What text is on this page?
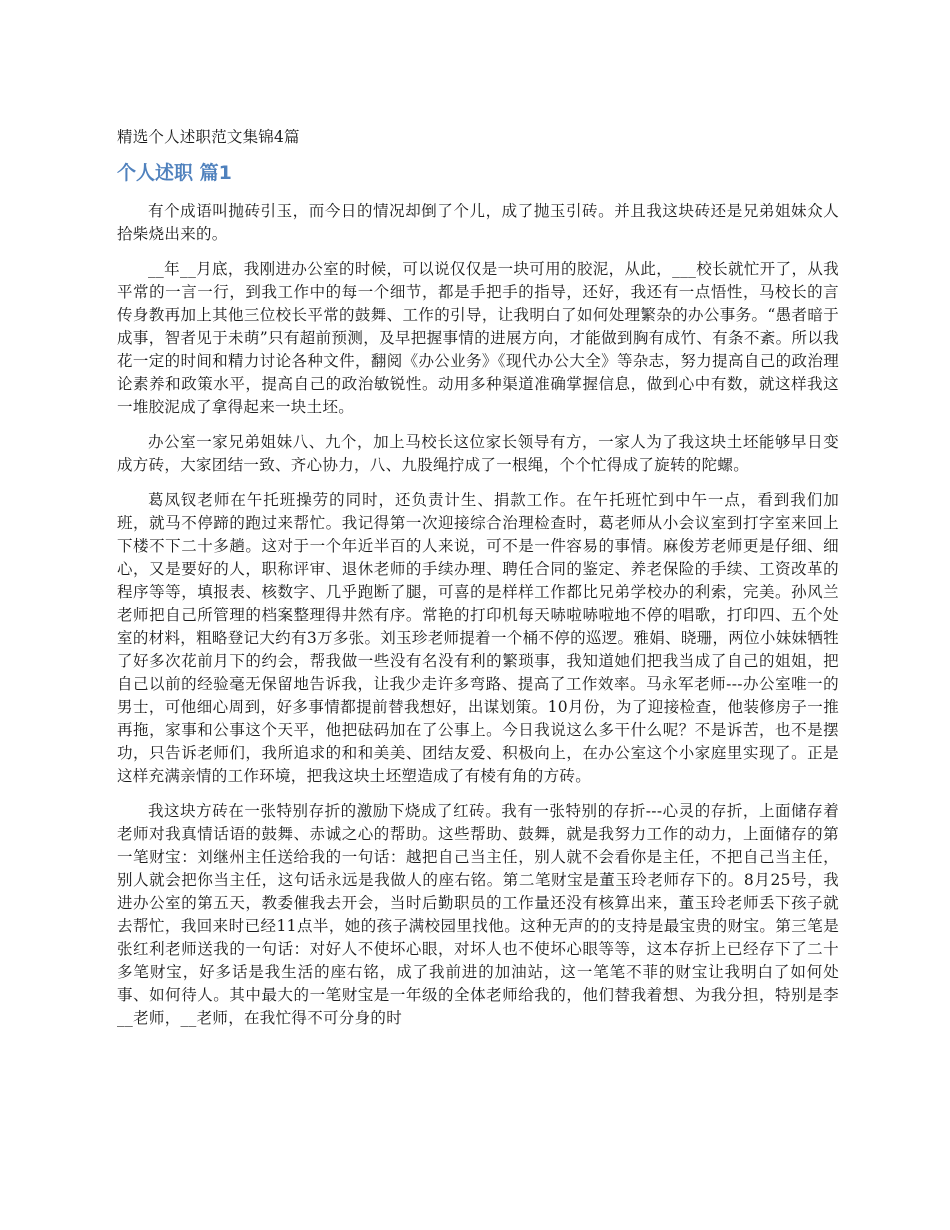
精选个人述职范文集锦4篇
个人述职 篇1

有个成语叫抛砖引玉，而今日的情况却倒了个儿，成了抛玉引砖。并且我这块砖还是兄弟姐妹众人拾柴烧出来的。

__年__月底，我刚进办公室的时候，可以说仅仅是一块可用的胶泥，从此，___校长就忙开了，从我平常的一言一行，到我工作中的每一个细节，都是手把手的指导，还好，我还有一点悟性，马校长的言传身教再加上其他三位校长平常的鼓舞、工作的引导，让我明白了如何处理繁杂的办公事务。“愚者暗于成事，智者见于未萌”只有超前预测，及早把握事情的进展方向，才能做到胸有成竹、有条不紊。所以我花一定的时间和精力讨论各种文件，翻阅《办公业务》《现代办公大全》等杂志，努力提高自己的政治理论素养和政策水平，提高自己的政治敏锐性。动用多种渠道准确掌握信息，做到心中有数，就这样我这一堆胶泥成了拿得起来一块土坯。

办公室一家兄弟姐妹八、九个，加上马校长这位家长领导有方，一家人为了我这块土坯能够早日变成方砖，大家团结一致、齐心协力，八、九股绳拧成了一根绳，个个忙得成了旋转的陀螺。

葛凤钗老师在午托班操劳的同时，还负责计生、捐款工作。在午托班忙到中午一点，看到我们加班，就马不停蹄的跑过来帮忙。我记得第一次迎接综合治理检查时，葛老师从小会议室到打字室来回上下楼不下二十多趟。这对于一个年近半百的人来说，可不是一件容易的事情。麻俊芳老师更是仔细、细心，又是要好的人，职称评审、退休老师的手续办理、聘任合同的鉴定、养老保险的手续、工资改革的程序等等，填报表、核数字、几乎跑断了腿，可喜的是样样工作都比兄弟学校办的利索，完美。孙风兰老师把自己所管理的档案整理得井然有序。常艳的打印机每天哧啦哧啦地不停的唱歌，打印四、五个处室的材料，粗略登记大约有3万多张。刘玉珍老师提着一个桶不停的巡逻。雅娟、晓珊，两位小妹妹牺牲了好多次花前月下的约会，帮我做一些没有名没有利的繁琐事，我知道她们把我当成了自己的姐姐，把自己以前的经验毫无保留地告诉我，让我少走许多弯路、提高了工作效率。马永军老师---办公室唯一的男士，可他细心周到，好多事情都提前替我想好，出谋划策。10月份，为了迎接检查，他装修房子一推再拖，家事和公事这个天平，他把砝码加在了公事上。今日我说这么多干什么呢？不是诉苦，也不是摆功，只告诉老师们，我所追求的和和美美、团结友爱、积极向上，在办公室这个小家庭里实现了。正是这样充满亲情的工作环境，把我这块土坯塑造成了有棱有角的方砖。

我这块方砖在一张特别存折的激励下烧成了红砖。我有一张特别的存折---心灵的存折，上面储存着老师对我真情话语的鼓舞、赤诚之心的帮助。这些帮助、鼓舞，就是我努力工作的动力，上面储存的第一笔财宝：刘继州主任送给我的一句话：越把自己当主任，别人就不会看你是主任，不把自己当主任，别人就会把你当主任，这句话永远是我做人的座右铭。第二笔财宝是董玉玲老师存下的。8月25号，我进办公室的第五天，教委催我去开会，当时后勤职员的工作量还没有核算出来，董玉玲老师丢下孩子就去帮忙，我回来时已经11点半，她的孩子满校园里找他。这种无声的的支持是最宝贵的财宝。第三笔是张红利老师送我的一句话：对好人不使坏心眼，对坏人也不使坏心眼等等，这本存折上已经存下了二十多笔财宝，好多话是我生活的座右铭，成了我前进的加油站，这一笔笔不菲的财宝让我明白了如何处事、如何待人。其中最大的一笔财宝是一年级的全体老师给我的，他们替我着想、为我分担，特别是李__老师，__老师，在我忙得不可分身的时
